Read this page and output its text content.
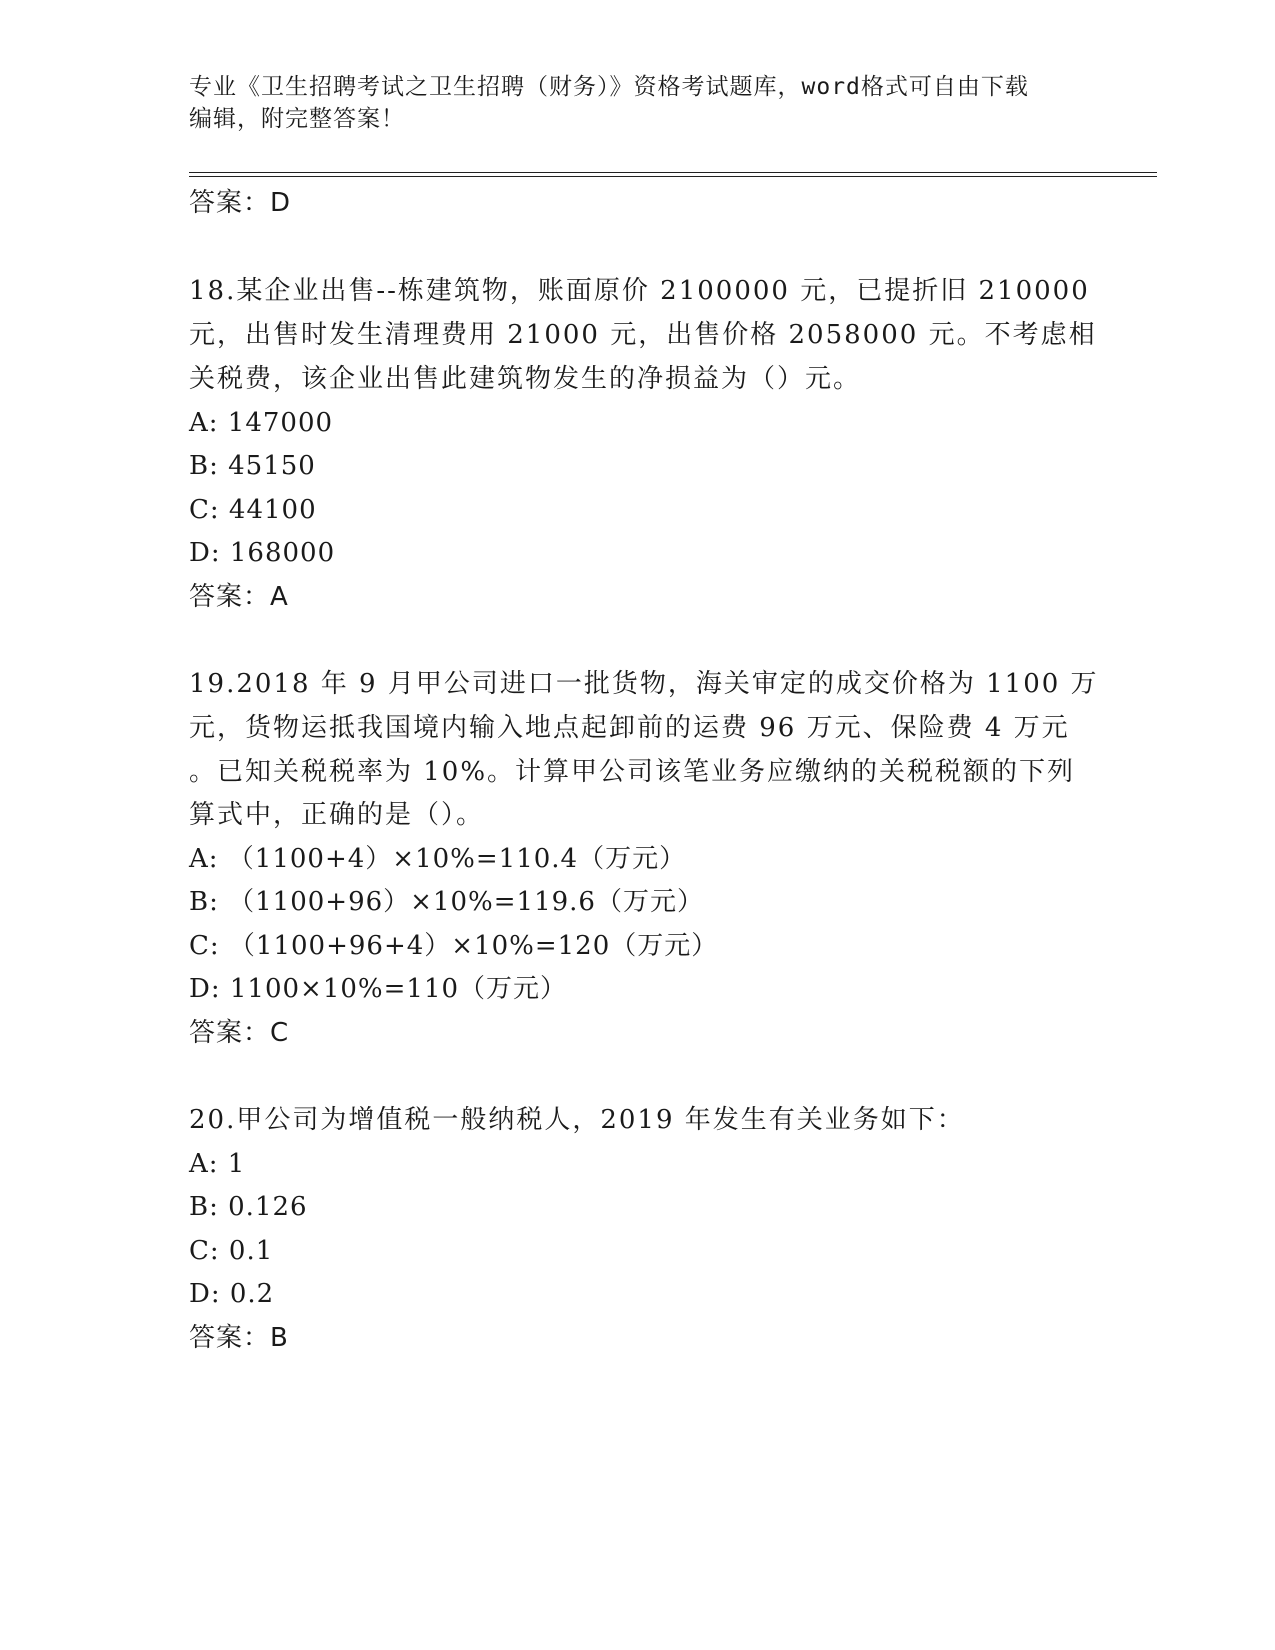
专业《卫生招聘考试之卫生招聘（财务）》资格考试题库，word格式可自由下载
编辑，附完整答案！
答案：D
18.某企业出售--栋建筑物，账面原价 2100000 元，已提折旧 210000
元，出售时发生清理费用 21000 元，出售价格 2058000 元。不考虑相
关税费，该企业出售此建筑物发生的净损益为（）元。
A: 147000
B: 45150
C: 44100
D: 168000
答案：A
19.2018 年 9 月甲公司进口一批货物，海关审定的成交价格为 1100 万
元，货物运抵我国境内输入地点起卸前的运费 96 万元、保险费 4 万元
。已知关税税率为 10%。计算甲公司该笔业务应缴纳的关税税额的下列
算式中，正确的是（）。
A: （1100+4）×10%=110.4（万元）
B: （1100+96）×10%=119.6（万元）
C: （1100+96+4）×10%=120（万元）
D: 1100×10%=110（万元）
答案：C
20.甲公司为增值税一般纳税人，2019 年发生有关业务如下：
A: 1
B: 0.126
C: 0.1
D: 0.2
答案：B
